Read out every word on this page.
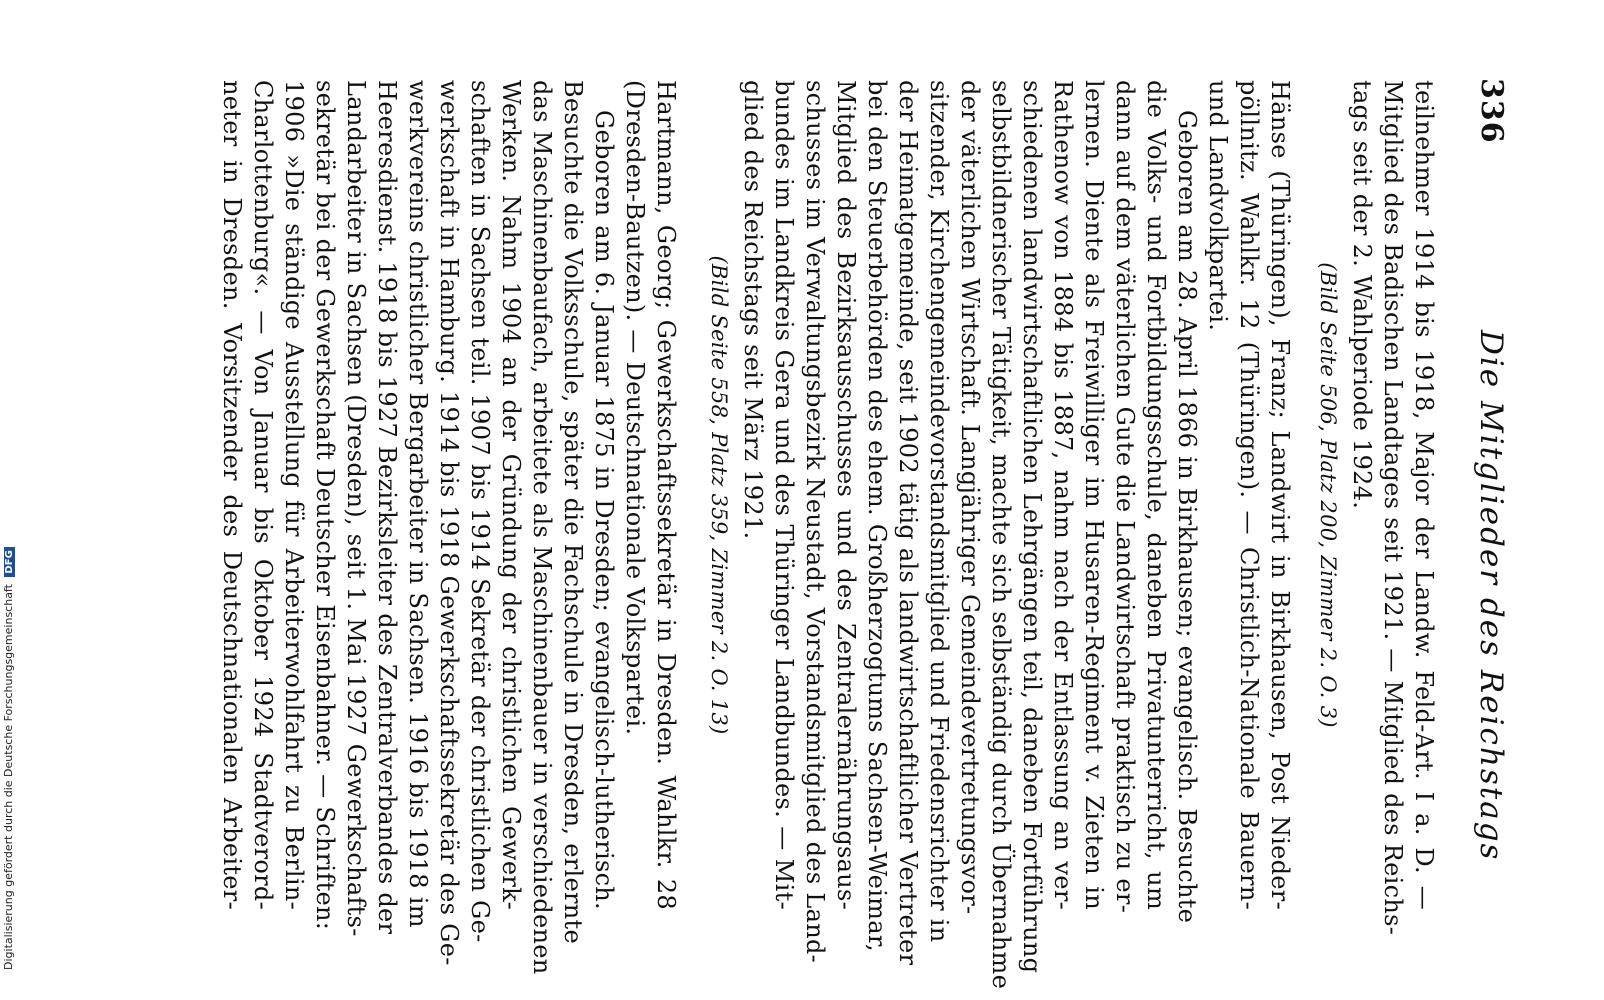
336
Die Mitglieder des Reichstags
teilnehmer 1914 bis 1918, Major der Landw. Feld-Art. I a. D. —
Mitglied des Badischen Landtages seit 1921. — Mitglied des Reichs-
tags seit der 2. Wahlperiode 1924.
(Bild Seite 506, Platz 200, Zimmer 2. O. 3)
Hänse (Thüringen), Franz; Landwirt in Birkhausen, Post Nieder-
pöllnitz. Wahlkr. 12 (Thüringen). — Christlich-Nationale Bauern-
und Landvolkpartei.
Geboren am 28. April 1866 in Birkhausen; evangelisch. Besuchte
die Volks- und Fortbildungsschule, daneben Privatunterricht, um
dann auf dem väterlichen Gute die Landwirtschaft praktisch zu er-
lernen. Diente als Freiwilliger im Husaren-Regiment v. Zieten in
Rathenow von 1884 bis 1887, nahm nach der Entlassung an ver-
schiedenen landwirtschaftlichen Lehrgängen teil, daneben Fortführung
selbstbildnerischer Tätigkeit, machte sich selbständig durch Übernahme
der väterlichen Wirtschaft. Langjähriger Gemeindevertretungsvor-
sitzender, Kirchengemeindevorstandsmitglied und Friedensrichter in
der Heimatgemeinde, seit 1902 tätig als landwirtschaftlicher Vertreter
bei den Steuerbehörden des ehem. Großherzogtums Sachsen-Weimar,
Mitglied des Bezirksausschusses und des Zentralernährungsaus-
schusses im Verwaltungsbezirk Neustadt, Vorstandsmitglied des Land-
bundes im Landkreis Gera und des Thüringer Landbundes. — Mit-
glied des Reichstags seit März 1921.
(Bild Seite 558, Platz 359, Zimmer 2. O. 13)
Hartmann, Georg; Gewerkschaftssekretär in Dresden. Wahlkr. 28
(Dresden-Bautzen). — Deutschnationale Volkspartei.
Geboren am 6. Januar 1875 in Dresden; evangelisch-lutherisch.
Besuchte die Volksschule, später die Fachschule in Dresden, erlernte
das Maschinenbaufach, arbeitete als Maschinenbauer in verschiedenen
Werken. Nahm 1904 an der Gründung der christlichen Gewerk-
schaften in Sachsen teil. 1907 bis 1914 Sekretär der christlichen Ge-
werkschaft in Hamburg. 1914 bis 1918 Gewerkschaftssekretär des Ge-
werkvereins christlicher Bergarbeiter in Sachsen. 1916 bis 1918 im
Heeresdienst. 1918 bis 1927 Bezirksleiter des Zentralverbandes der
Landarbeiter in Sachsen (Dresden), seit 1. Mai 1927 Gewerkschafts-
sekretär bei der Gewerkschaft Deutscher Eisenbahner. — Schriften:
1906 »Die ständige Ausstellung für Arbeiterwohlfahrt zu Berlin-
Charlottenburg«. — Von Januar bis Oktober 1924 Stadtverord-
neter in Dresden. Vorsitzender des Deutschnationalen Arbeiter-
Digitalisierung gefördert durch die Deutsche Forschungsgemeinschaft DFG
